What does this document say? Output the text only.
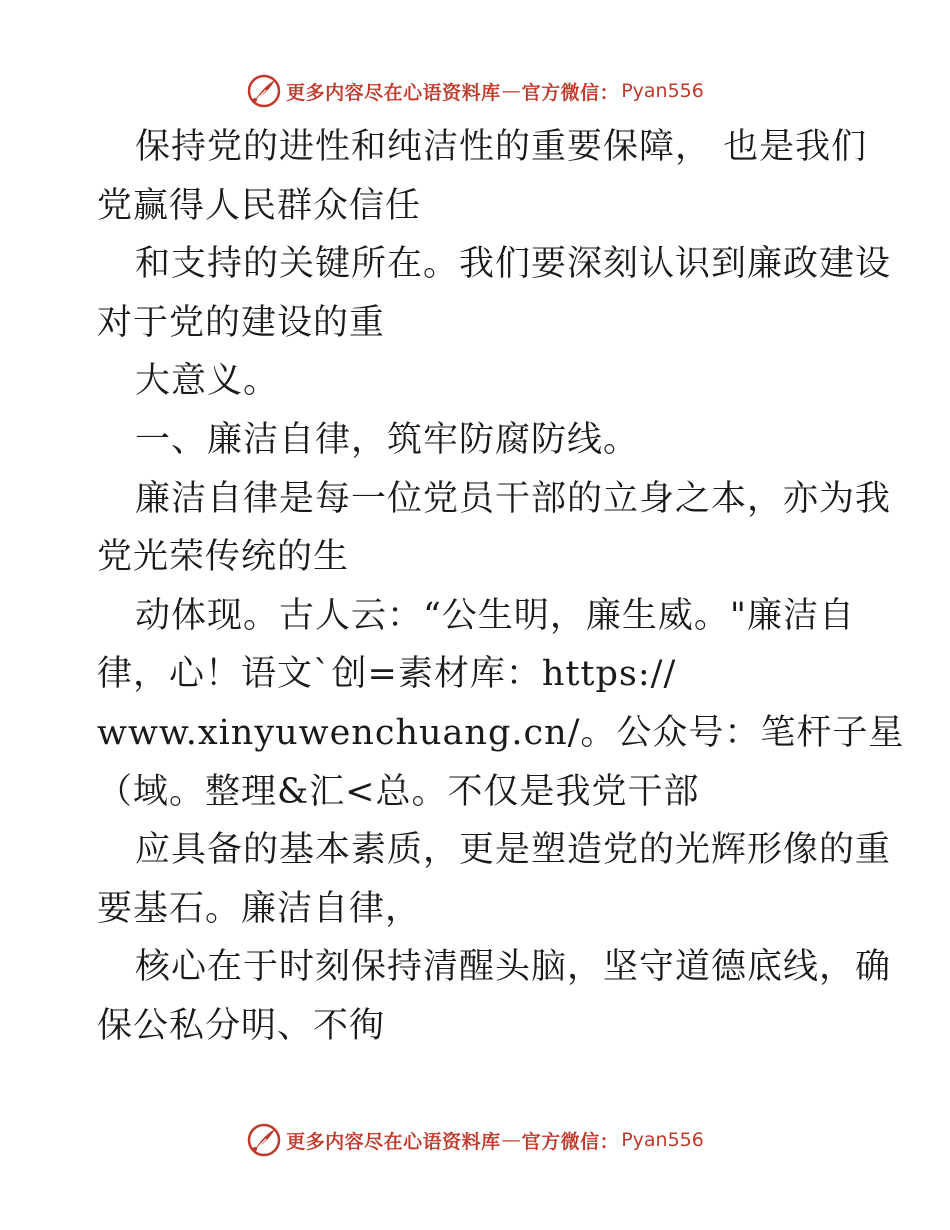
更多内容尽在心语资料库 — 官方微信： Pyan556
保持党的进性和纯洁性的重要保障， 也是我们
党赢得人民群众信任
和支持的关键所在。我们要深刻认识到廉政建设
对于党的建设的重
大意义。
一、廉洁自律，筑牢防腐防线。
廉洁自律是每一位党员干部的立身之本，亦为我
党光荣传统的生
动体现。古人云：“公生明，廉生威。"廉洁自
律，心！语文`创=素材库：https://
www.xinyuwenchuang.cn/。公众号：笔杆子星
（域。整理&汇<总。不仅是我党干部
应具备的基本素质，更是塑造党的光辉形像的重
要基石。廉洁自律，
核心在于时刻保持清醒头脑，坚守道德底线，确
保公私分明、不徇
更多内容尽在心语资料库 — 官方微信： Pyan556
